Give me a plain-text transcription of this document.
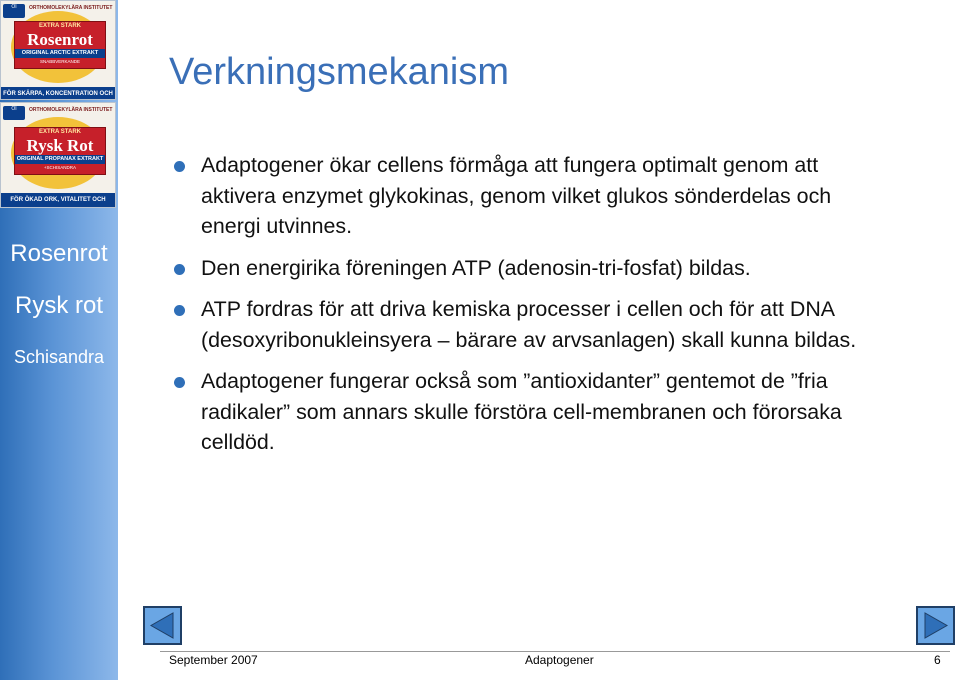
OI	ORTHOMOLEKYLÄRA INSTITUTET
EXTRA STARK
Rosenrot
ORIGINAL ARCTIC EXTRAKT
SNABBVERKANDE
FÖR SKÄRPA, KONCENTRATION OCH
OI	ORTHOMOLEKYLÄRA INSTITUTET
EXTRA STARK
Rysk Rot
ORIGINAL PROPANAX EXTRAKT
+SCHISANDRA
FÖR ÖKAD ORK, VITALITET OCH
Rosenrot
Rysk rot
Schisandra
Verkningsmekanism
Adaptogener ökar cellens förmåga att fungera optimalt genom att aktivera enzymet glykokinas, genom vilket glukos sönderdelas och energi utvinnes.
Den energirika föreningen ATP (adenosin-tri-fosfat) bildas.
ATP fordras för att driva kemiska processer i cellen och för att DNA (desoxyribonukleinsyera – bärare av arvsanlagen) skall kunna bildas.
Adaptogener fungerar också som ”antioxidanter” gentemot de ”fria radikaler” som annars skulle förstöra cell-membranen och förorsaka celldöd.
September 2007	Adaptogener	6
